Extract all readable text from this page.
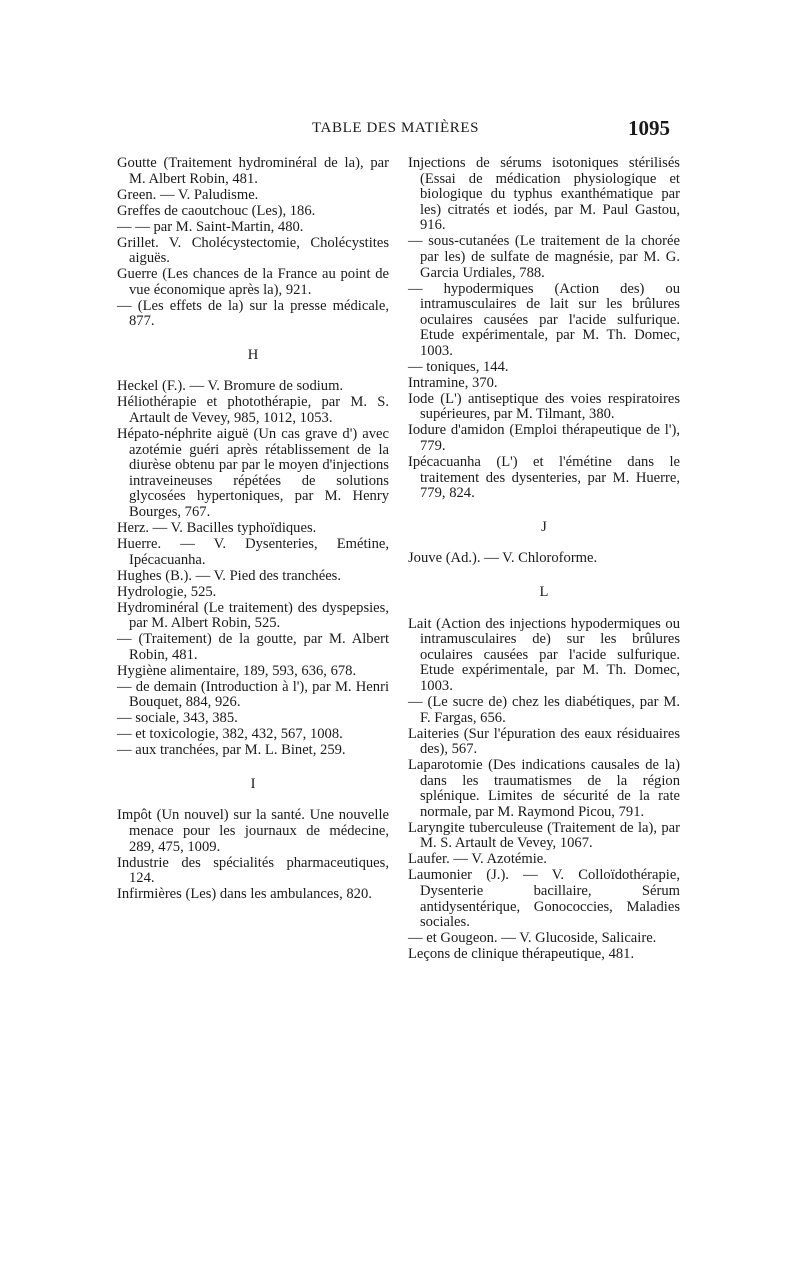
TABLE DES MATIÈRES	1095
Goutte (Traitement hydrominéral de la), par M. Albert Robin, 481.
Green. — V. Paludisme.
Greffes de caoutchouc (Les), 186.
— — par M. Saint-Martin, 480.
Grillet. V. Cholécystectomie, Cholécystites aiguës.
Guerre (Les chances de la France au point de vue économique après la), 921.
— (Les effets de la) sur la presse médicale, 877.
H
Heckel (F.). — V. Bromure de sodium.
Héliothérapie et photothérapie, par M. S. Artault de Vevey, 985, 1012, 1053.
Hépato-néphrite aiguë (Un cas grave d') avec azotémie guéri après rétablissement de la diurèse obtenu par par le moyen d'injections intraveineuses répétées de solutions glycosées hypertoniques, par M. Henry Bourges, 767.
Herz. — V. Bacilles typhoïdiques.
Huerre. — V. Dysenteries, Emétine, Ipécacuanha.
Hughes (B.). — V. Pied des tranchées.
Hydrologie, 525.
Hydrominéral (Le traitement) des dyspepsies, par M. Albert Robin, 525.
— (Traitement) de la goutte, par M. Albert Robin, 481.
Hygiène alimentaire, 189, 593, 636, 678.
— de demain (Introduction à l'), par M. Henri Bouquet, 884, 926.
— sociale, 343, 385.
— et toxicologie, 382, 432, 567, 1008.
— aux tranchées, par M. L. Binet, 259.
I
Impôt (Un nouvel) sur la santé. Une nouvelle menace pour les journaux de médecine, 289, 475, 1009.
Industrie des spécialités pharmaceutiques, 124.
Infirmières (Les) dans les ambulances, 820.
Injections de sérums isotoniques stérilisés (Essai de médication physiologique et biologique du typhus exanthématique par les) citratés et iodés, par M. Paul Gastou, 916.
— sous-cutanées (Le traitement de la chorée par les) de sulfate de magnésie, par M. G. Garcia Urdiales, 788.
— hypodermiques (Action des) ou intramusculaires de lait sur les brûlures oculaires causées par l'acide sulfurique. Etude expérimentale, par M. Th. Domec, 1003.
— toniques, 144.
Intramine, 370.
Iode (L') antiseptique des voies respiratoires supérieures, par M. Tilmant, 380.
Iodure d'amidon (Emploi thérapeutique de l'), 779.
Ipécacuanha (L') et l'émétine dans le traitement des dysenteries, par M. Huerre, 779, 824.
J
Jouve (Ad.). — V. Chloroforme.
L
Lait (Action des injections hypodermiques ou intramusculaires de) sur les brûlures oculaires causées par l'acide sulfurique. Etude expérimentale, par M. Th. Domec, 1003.
— (Le sucre de) chez les diabétiques, par M. F. Fargas, 656.
Laiteries (Sur l'épuration des eaux résiduaires des), 567.
Laparotomie (Des indications causales de la) dans les traumatismes de la région splénique. Limites de sécurité de la rate normale, par M. Raymond Picou, 791.
Laryngite tuberculeuse (Traitement de la), par M. S. Artault de Vevey, 1067.
Laufer. — V. Azotémie.
Laumonier (J.). — V. Colloïdothérapie, Dysenterie bacillaire, Sérum antidysentérique, Gonococcies, Maladies sociales.
— et Gougeon. — V. Glucoside, Salicaire.
Leçons de clinique thérapeutique, 481.
